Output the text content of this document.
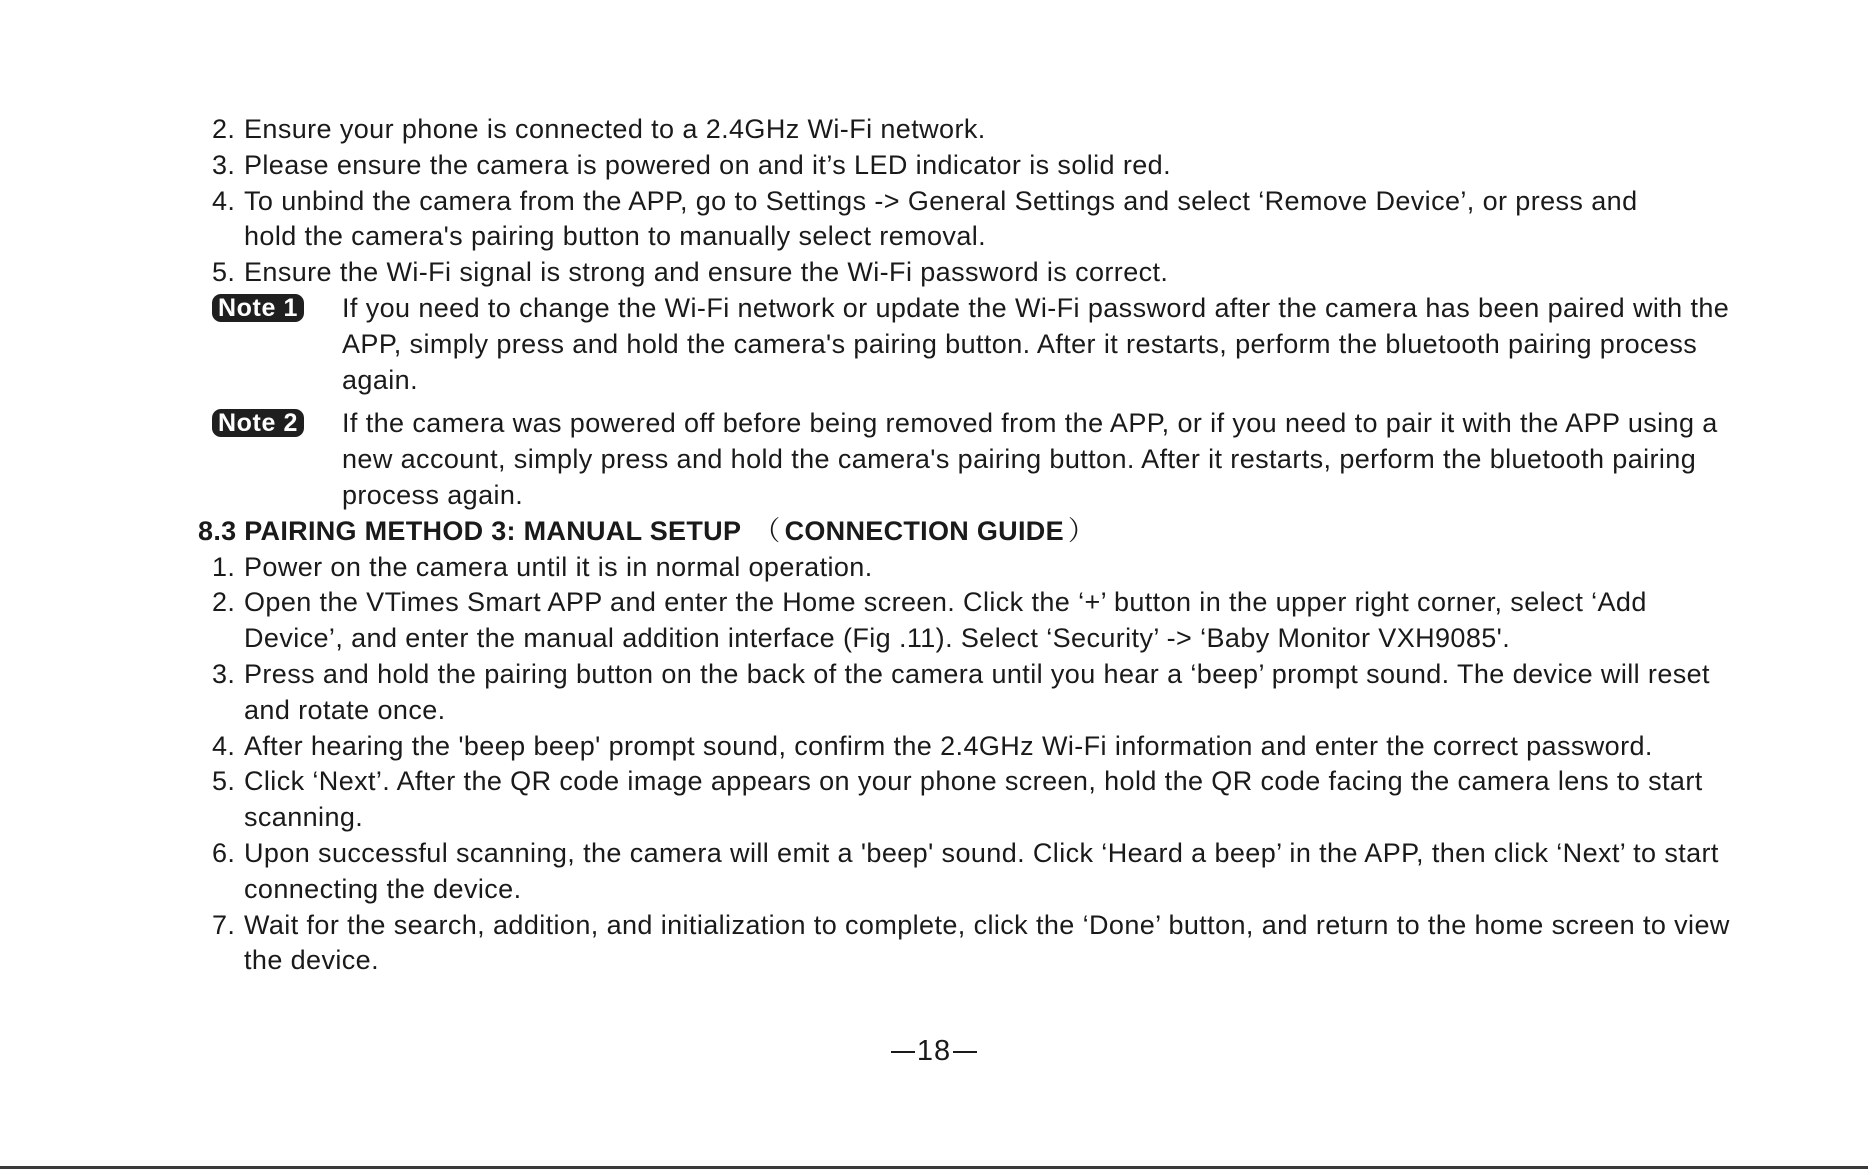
2. Ensure your phone is connected to a 2.4GHz Wi-Fi network.
3. Please ensure the camera is powered on and it’s LED indicator is solid red.
4. To unbind the camera from the APP, go to Settings -> General Settings and select ‘Remove Device’, or press and hold the camera's pairing button to manually select removal.
5. Ensure the Wi-Fi signal is strong and ensure the Wi-Fi password is correct.
Note 1 If you need to change the Wi-Fi network or update the Wi-Fi password after the camera has been paired with the APP, simply press and hold the camera's pairing button. After it restarts, perform the bluetooth pairing process again.
Note 2 If the camera was powered off before being removed from the APP, or if you need to pair it with the APP using a new account, simply press and hold the camera's pairing button. After it restarts, perform the bluetooth pairing process again.
8.3 PAIRING METHOD 3: MANUAL SETUP （ CONNECTION GUIDE ）
1. Power on the camera until it is in normal operation.
2. Open the VTimes Smart APP and enter the Home screen. Click the ‘+’ button in the upper right corner, select ‘Add Device’, and enter the manual addition interface (Fig .11). Select ‘Security’ -> ‘Baby Monitor VXH9085'.
3. Press and hold the pairing button on the back of the camera until you hear a ‘beep’ prompt sound. The device will reset and rotate once.
4. After hearing the 'beep beep' prompt sound, confirm the 2.4GHz Wi-Fi information and enter the correct password.
5. Click ‘Next’. After the QR code image appears on your phone screen, hold the QR code facing the camera lens to start scanning.
6. Upon successful scanning, the camera will emit a 'beep' sound. Click ‘Heard a beep’ in the APP, then click ‘Next’ to start connecting the device.
7. Wait for the search, addition, and initialization to complete, click the ‘Done’ button, and return to the home screen to view the device.
18
